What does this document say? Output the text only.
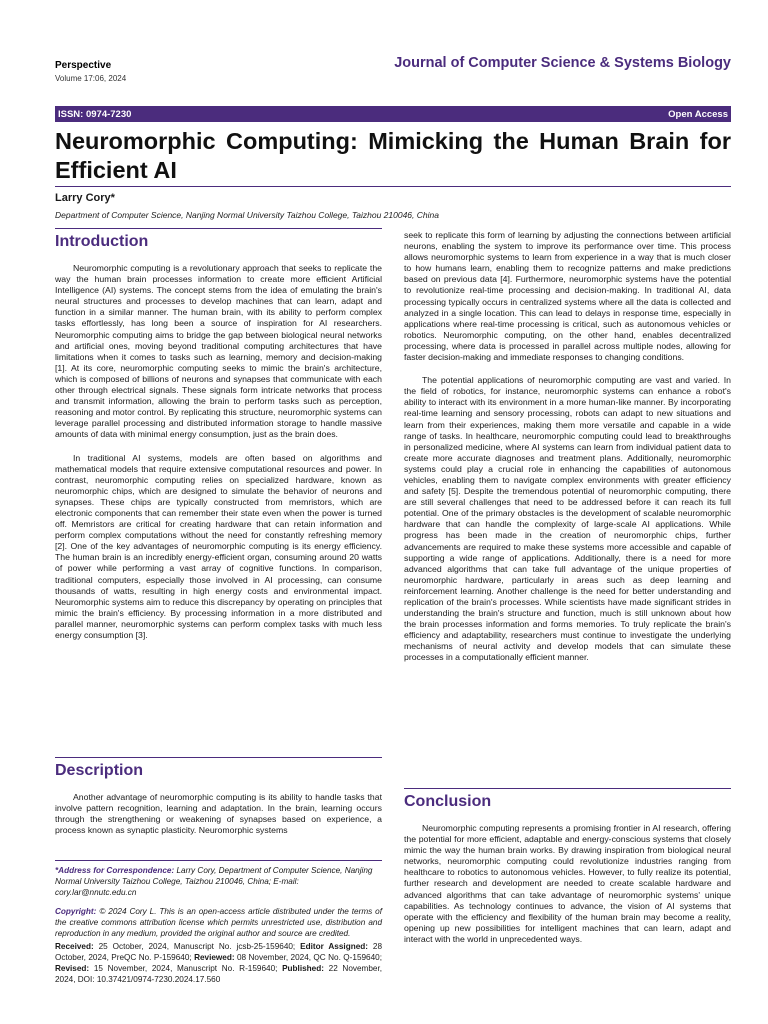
Perspective
Volume 17:06, 2024
Journal of Computer Science & Systems Biology
ISSN: 0974-7230	Open Access
Neuromorphic Computing: Mimicking the Human Brain for Efficient AI
Larry Cory*
Department of Computer Science, Nanjing Normal University Taizhou College, Taizhou 210046, China
Introduction

Neuromorphic computing is a revolutionary approach that seeks to replicate the way the human brain processes information to create more efficient Artificial Intelligence (AI) systems. The concept stems from the idea of emulating the brain's neural structures and processes to develop machines that can learn, adapt and function in a similar manner. The human brain, with its ability to perform complex tasks effortlessly, has long been a source of inspiration for AI researchers. Neuromorphic computing aims to bridge the gap between biological neural networks and artificial ones, moving beyond traditional computing architectures that have limitations when it comes to tasks such as learning, memory and decision-making [1]. At its core, neuromorphic computing seeks to mimic the brain's architecture, which is composed of billions of neurons and synapses that communicate with each other through electrical signals. These signals form intricate networks that process and transmit information, allowing the brain to perform tasks such as perception, reasoning and motor control. By replicating this structure, neuromorphic systems can leverage parallel processing and distributed information storage to handle massive amounts of data with minimal energy consumption, just as the brain does.

In traditional AI systems, models are often based on algorithms and mathematical models that require extensive computational resources and power. In contrast, neuromorphic computing relies on specialized hardware, known as neuromorphic chips, which are designed to simulate the behavior of neurons and synapses. These chips are typically constructed from memristors, which are electronic components that can remember their state even when the power is turned off. Memristors are critical for creating hardware that can retain information and perform complex computations without the need for constantly refreshing memory [2]. One of the key advantages of neuromorphic computing is its energy efficiency. The human brain is an incredibly energy-efficient organ, consuming around 20 watts of power while performing a vast array of cognitive functions. In comparison, traditional computers, especially those involved in AI processing, can consume thousands of watts, resulting in high energy costs and environmental impact. Neuromorphic systems aim to reduce this discrepancy by operating on principles that mimic the brain's efficiency. By processing information in a more distributed and parallel manner, neuromorphic systems can perform complex tasks with much less energy consumption [3].

Description

Another advantage of neuromorphic computing is its ability to handle tasks that involve pattern recognition, learning and adaptation. In the brain, learning occurs through the strengthening or weakening of synapses based on experience, a process known as synaptic plasticity. Neuromorphic systems

*Address for Correspondence: Larry Cory, Department of Computer Science, Nanjing Normal University Taizhou College, Taizhou 210046, China; E-mail: cory.lar@nnutc.edu.cn
Copyright: © 2024 Cory L. This is an open-access article distributed under the terms of the creative commons attribution license which permits unrestricted use, distribution and reproduction in any medium, provided the original author and source are credited.
Received: 25 October, 2024, Manuscript No. jcsb-25-159640; Editor Assigned: 28 October, 2024, PreQC No. P-159640; Reviewed: 08 November, 2024, QC No. Q-159640; Revised: 15 November, 2024, Manuscript No. R-159640; Published: 22 November, 2024, DOI: 10.37421/0974-7230.2024.17.560

seek to replicate this form of learning by adjusting the connections between artificial neurons, enabling the system to improve its performance over time. This process allows neuromorphic systems to learn from experience in a way that is much closer to how humans learn, enabling them to recognize patterns and make predictions based on previous data [4]. Furthermore, neuromorphic systems have the potential to revolutionize real-time processing and decision-making. In traditional AI, data processing typically occurs in centralized systems where all the data is collected and analyzed in a single location. This can lead to delays in response time, especially in applications where real-time processing is critical, such as autonomous vehicles or robotics. Neuromorphic computing, on the other hand, enables decentralized processing, where data is processed in parallel across multiple nodes, allowing for faster decision-making and immediate responses to changing conditions.

The potential applications of neuromorphic computing are vast and varied. In the field of robotics, for instance, neuromorphic systems can enhance a robot's ability to interact with its environment in a more human-like manner. By incorporating real-time learning and sensory processing, robots can adapt to new situations and learn from their experiences, making them more versatile and capable in a wide range of tasks. In healthcare, neuromorphic computing could lead to breakthroughs in personalized medicine, where AI systems can learn from individual patient data to create more accurate diagnoses and treatment plans. Additionally, neuromorphic systems could play a crucial role in enhancing the capabilities of autonomous vehicles, enabling them to navigate complex environments with greater efficiency and safety [5]. Despite the tremendous potential of neuromorphic computing, there are still several challenges that need to be addressed before it can reach its full potential. One of the primary obstacles is the development of scalable neuromorphic hardware that can handle the complexity of large-scale AI applications. While progress has been made in the creation of neuromorphic chips, further advancements are required to make these systems more accessible and capable of supporting a wide range of applications. Additionally, there is a need for more advanced algorithms that can take full advantage of the unique properties of neuromorphic hardware, particularly in areas such as deep learning and reinforcement learning. Another challenge is the need for better understanding and replication of the brain's processes. While scientists have made significant strides in understanding the brain's structure and function, much is still unknown about how the brain processes information and forms memories. To truly replicate the brain's efficiency and adaptability, researchers must continue to investigate the underlying mechanisms of neural activity and develop models that can simulate these processes in a computationally efficient manner.

Conclusion

Neuromorphic computing represents a promising frontier in AI research, offering the potential for more efficient, adaptable and energy-conscious systems that closely mimic the way the human brain works. By drawing inspiration from biological neural networks, neuromorphic computing could revolutionize industries ranging from healthcare to robotics to autonomous vehicles. However, to fully realize its potential, further research and development are needed to create scalable hardware and advanced algorithms that can take advantage of neuromorphic systems' unique capabilities. As technology continues to advance, the vision of AI systems that operate with the efficiency and flexibility of the human brain may become a reality, opening up new possibilities for intelligent machines that can learn, adapt and interact with the world in unprecedented ways.
